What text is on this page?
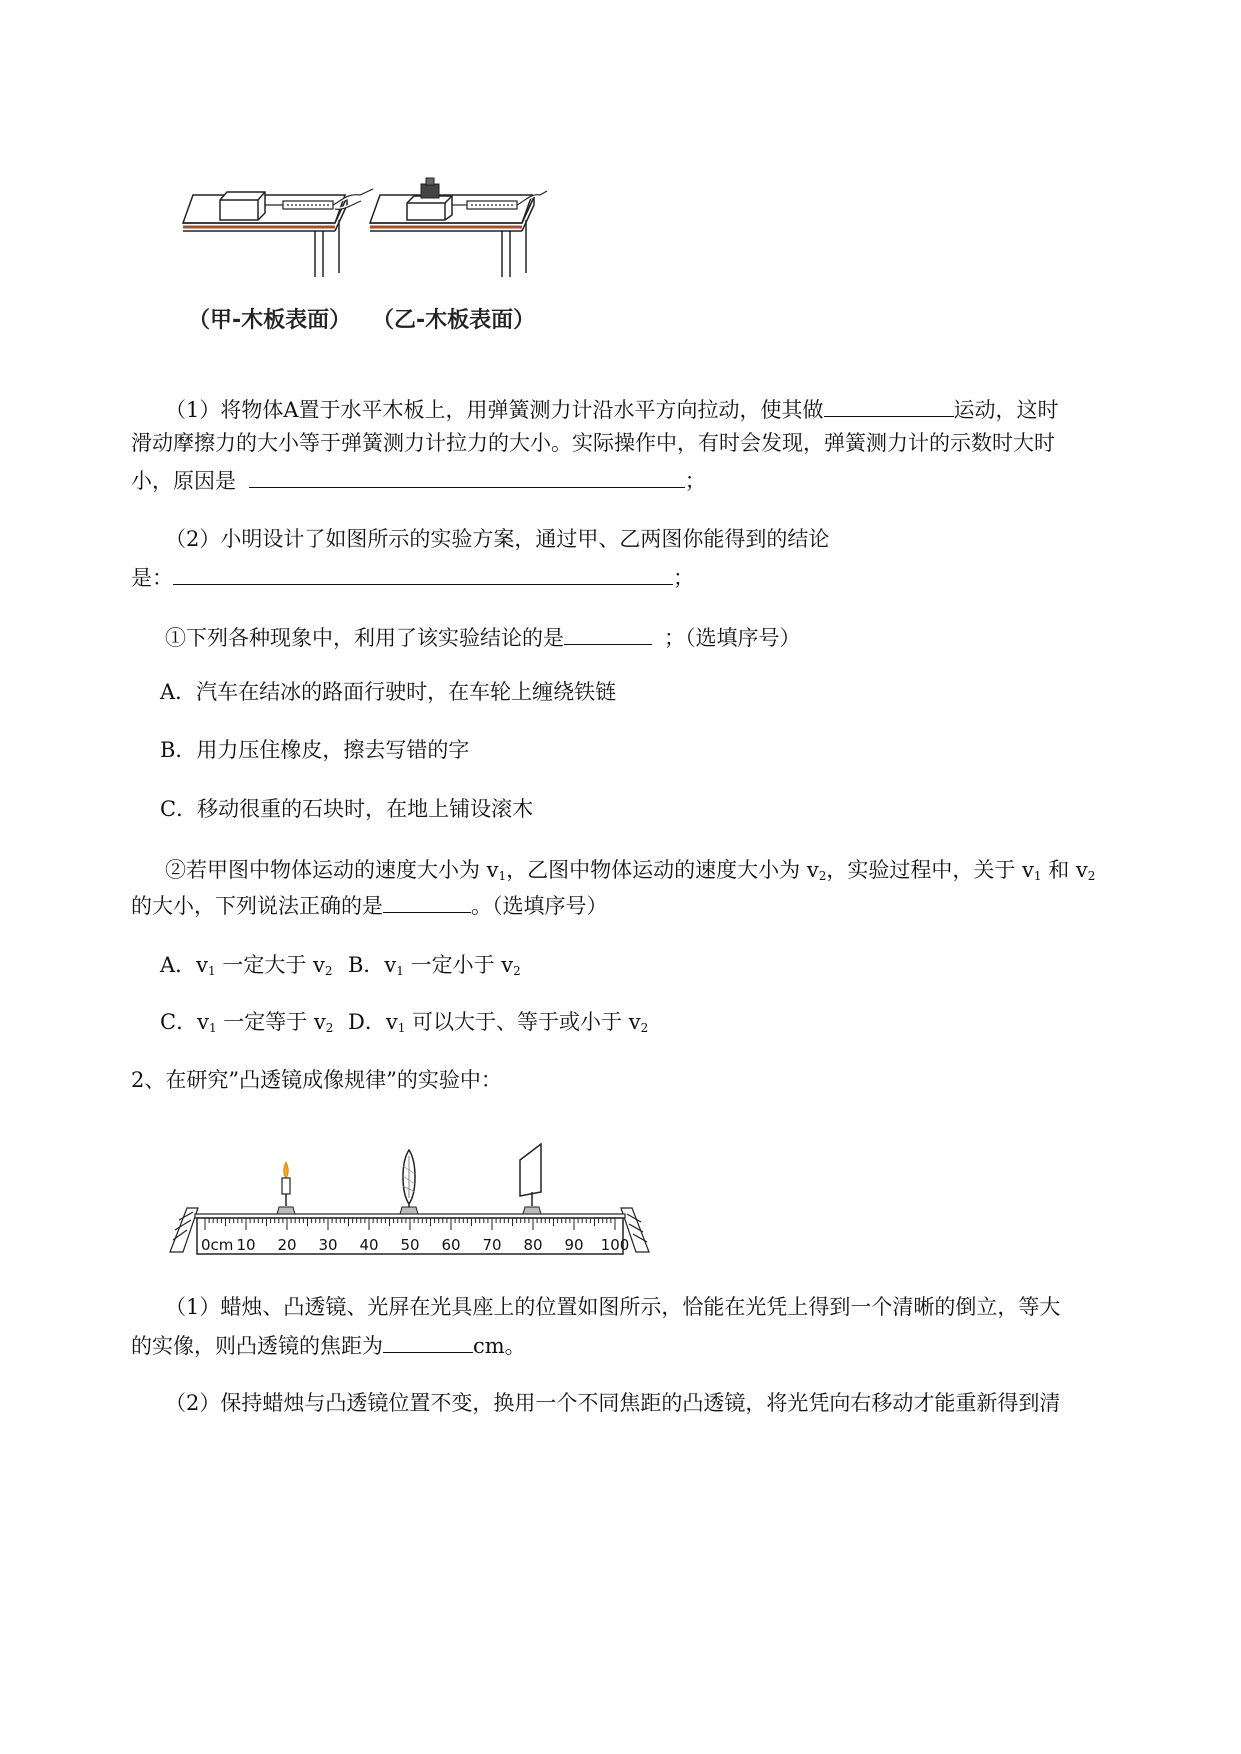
（甲-木板表面） （乙-木板表面）
（1）将物体A置于水平木板上，用弹簧测力计沿水平方向拉动，使其做	运动，这时
滑动摩擦力的大小等于弹簧测力计拉力的大小。实际操作中，有时会发现，弹簧测力计的示数时大时
小，原因是	；
（2）小明设计了如图所示的实验方案，通过甲、乙两图你能得到的结论
是：	；
①下列各种现象中，利用了该实验结论的是	；（选填序号）
A．汽车在结冰的路面行驶时，在车轮上缠绕铁链
B．用力压住橡皮，擦去写错的字
C．移动很重的石块时，在地上铺设滚木
②若甲图中物体运动的速度大小为 $v_1$，乙图中物体运动的速度大小为 $v_2$，实验过程中，关于 $v_1$ 和 $v_2$
的大小，下列说法正确的是	。（选填序号）
A．$v_1$ 一定大于 $v_2$ B．$v_1$ 一定小于 $v_2$
C．$v_1$ 一定等于 $v_2$ D．$v_1$ 可以大于、等于或小于 $v_2$
2、在研究”凸透镜成像规律”的实验中：
0cm 10 20 30 40 50 60 70 80 90 100
（1）蜡烛、凸透镜、光屏在光具座上的位置如图所示，恰能在光凭上得到一个清晰的倒立，等大
的实像，则凸透镜的焦距为	cm。
（2）保持蜡烛与凸透镜位置不变，换用一个不同焦距的凸透镜，将光凭向右移动才能重新得到清
